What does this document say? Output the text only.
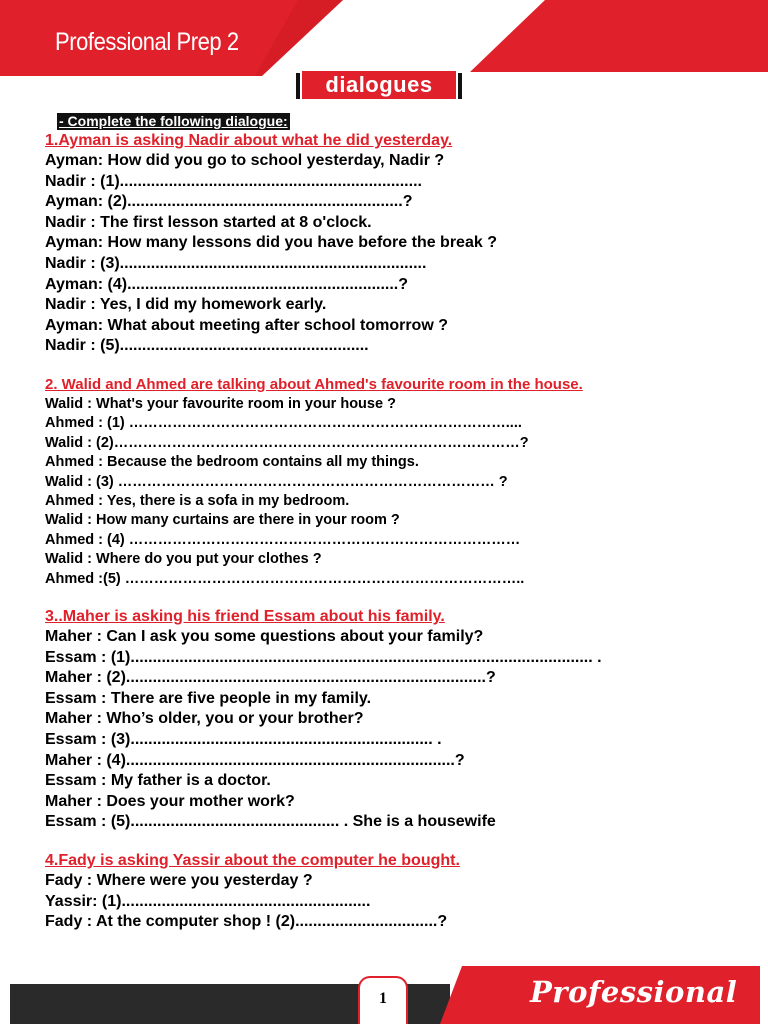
Professional Prep 2
dialogues
- Complete the following dialogue:
1.Ayman is asking Nadir about what he did yesterday.
Ayman: How did you go to school yesterday, Nadir ?
Nadir : (1)....................................................................
Ayman: (2)..............................................................?
Nadir : The first lesson started at 8 o'clock.
Ayman: How many lessons did you have before the break ?
Nadir : (3).....................................................................
Ayman: (4).............................................................?
Nadir : Yes, I did my homework early.
Ayman: What about meeting after school tomorrow ?
Nadir : (5)........................................................
2. Walid and Ahmed are talking about Ahmed's favourite room in the house.
Walid : What's your favourite room in your house ?
Ahmed : (1) ……………………………………………………………………....
Walid : (2)…………………………………………………………………………?
Ahmed : Because the bedroom contains all my things.
Walid : (3) …………………………………………………………………… ?
Ahmed : Yes, there is a sofa in my bedroom.
Walid : How many curtains are there in your room ?
Ahmed : (4) ………………………………………………………………………
Walid : Where do you put your clothes ?
Ahmed :(5) ………………………………………………………………………..
3..Maher is asking his friend Essam about his family.
Maher : Can I ask you some questions about your family?
Essam : (1)........................................................................................................ .
Maher : (2).................................................................................?
Essam : There are five people in my family.
Maher : Who’s older, you or your brother?
Essam : (3).................................................................... .
Maher : (4)..........................................................................?
Essam : My father is a doctor.
Maher : Does your mother work?
Essam : (5)............................................... . She is a housewife
4.Fady is asking Yassir about the computer he bought.
Fady : Where were you yesterday ?
Yassir: (1)........................................................
Fady : At the computer shop ! (2)................................?
1	Professional
